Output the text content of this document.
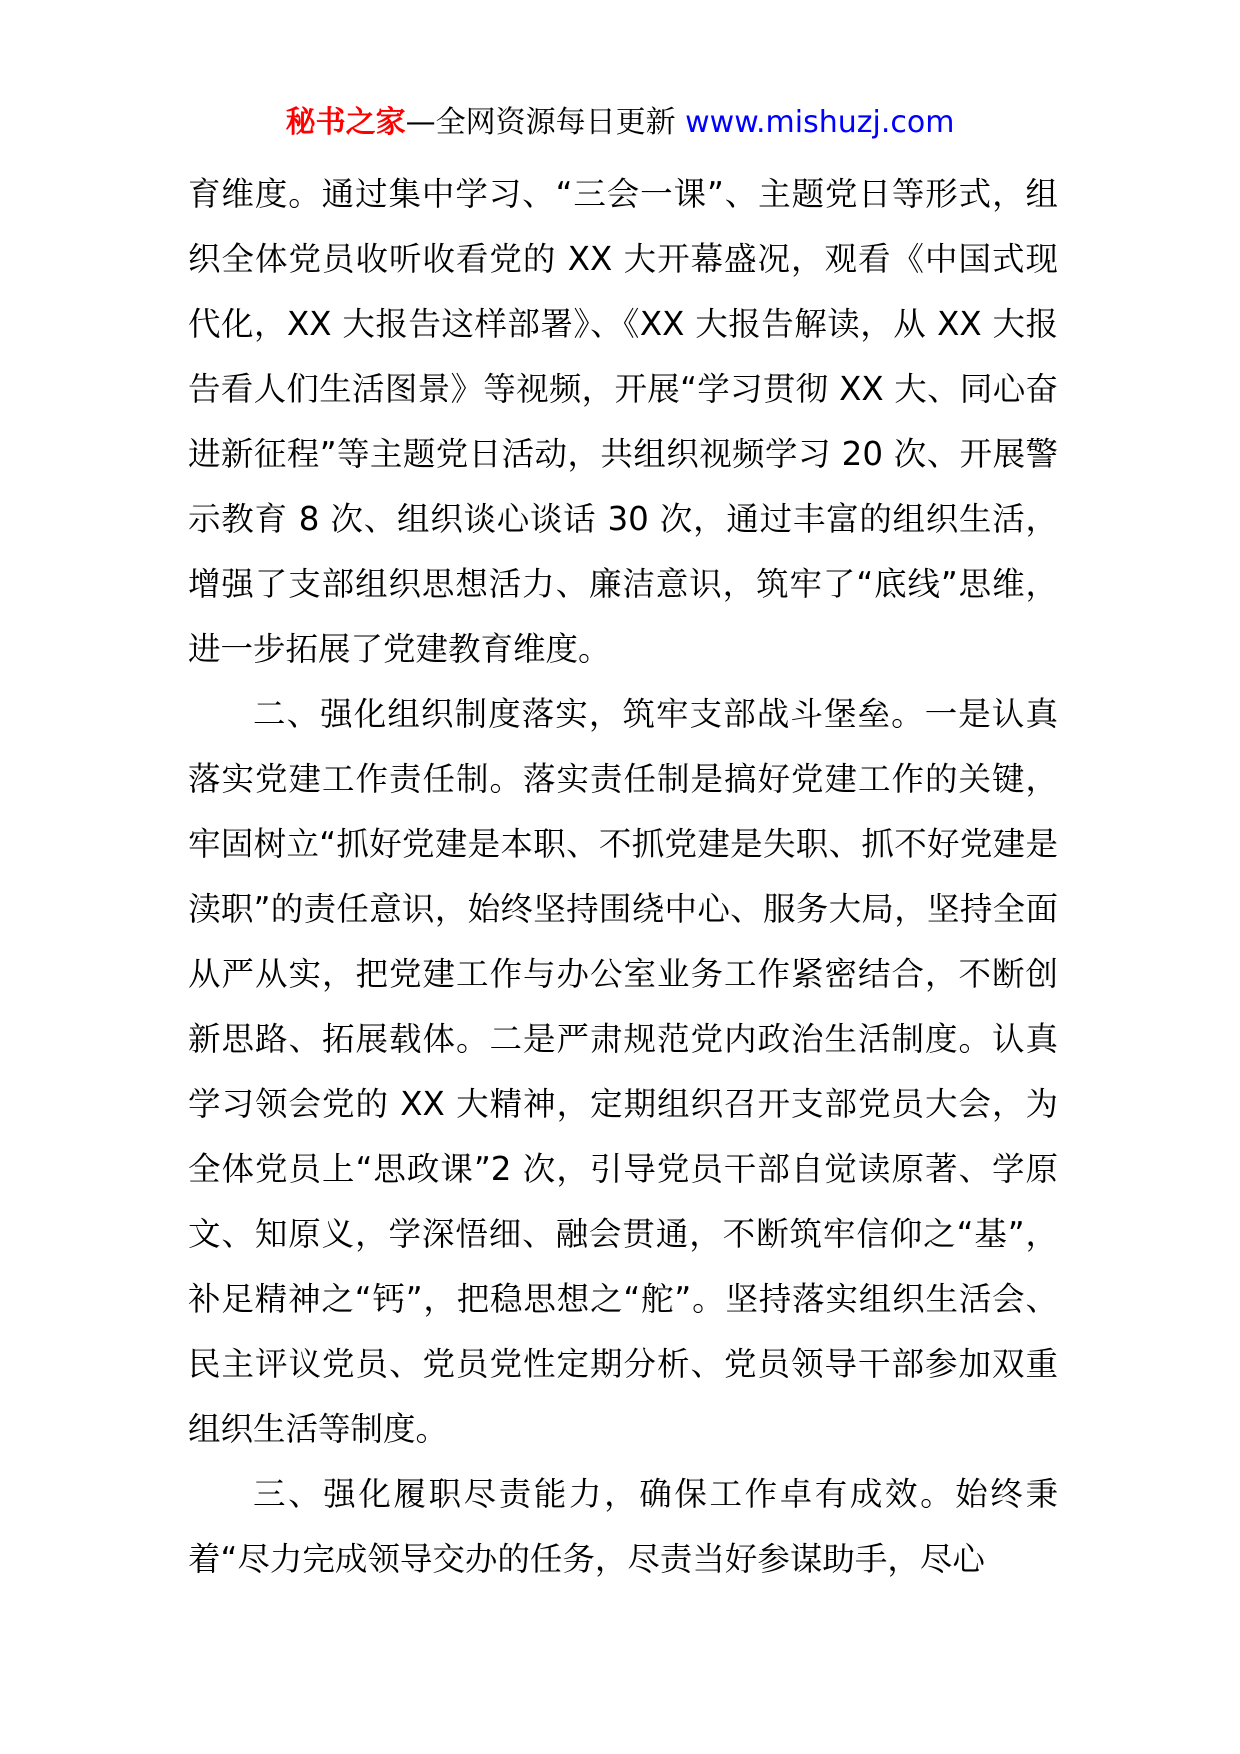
秘书之家—全网资源每日更新 www.mishuzj.com

育维度。通过集中学习、“三会一课”、主题党日等形式，组织全体党员收听收看党的 XX 大开幕盛况，观看《中国式现代化，XX 大报告这样部署》、《XX 大报告解读，从 XX 大报告看人们生活图景》等视频，开展“学习贯彻 XX 大、同心奋进新征程”等主题党日活动，共组织视频学习 20 次、开展警示教育 8 次、组织谈心谈话 30 次，通过丰富的组织生活，增强了支部组织思想活力、廉洁意识，筑牢了“底线”思维，进一步拓展了党建教育维度。

二、强化组织制度落实，筑牢支部战斗堡垒。一是认真落实党建工作责任制。落实责任制是搞好党建工作的关键，牢固树立“抓好党建是本职、不抓党建是失职、抓不好党建是渎职”的责任意识，始终坚持围绕中心、服务大局，坚持全面从严从实，把党建工作与办公室业务工作紧密结合，不断创新思路、拓展载体。二是严肃规范党内政治生活制度。认真学习领会党的 XX 大精神，定期组织召开支部党员大会，为全体党员上“思政课”2 次，引导党员干部自觉读原著、学原文、知原义，学深悟细、融会贯通，不断筑牢信仰之“基”，补足精神之“钙”，把稳思想之“舵”。坚持落实组织生活会、民主评议党员、党员党性定期分析、党员领导干部参加双重组织生活等制度。

三、强化履职尽责能力，确保工作卓有成效。始终秉着“尽力完成领导交办的任务，尽责当好参谋助手，尽心
